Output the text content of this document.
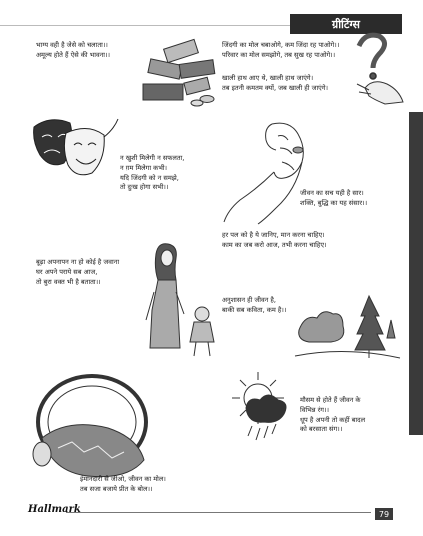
ग्रीटिंग्स
भाग्य वही है जेसे को चलाता।।
अमूल्य होते हैं ऐसे की भावना।।
जिंदगी का मोल चबाओगे, कम जिंदा रह पाओगे।।
परिवार का मोल समझोगे, तब सुख रह पाओगे।।
खाली हाथ आए थे, खाली हाथ जाएंगे।
तब इतनी कमतम क्यों, जब खाली ही जाएंगे।
न खुशी मिलेगी न सफलता,
न ग़म मिलेगा कभी।
यदि जिंदगी को न समझे,
तो दुःख होगा सभी।।
जीवन का सच यही है सार।
शक्ति, बुद्धि का यह संसार।।
हर पल को है ये जानिए, मान करना चाहिए।
काम का जब करो आज, तभी करना चाहिए।
बूढ़ा अपनापन ना हो कोई है जवाना
घर अपने पराये सब आज,
तो बुरा वक्त भी है बताता।।
अनुशासन ही जीवन है,
बाकी सब कविता, कम है।।
मौसम से होते हैं जीवन के
विभिन्न रंग।।
धूप है अपनी तो कहीं बादल
को बरसाता संग।।
ईमानदारी से जीओ, जीवन का मोल।
तब सजा बजाये प्रीत के बोल।।
Hallmark	79
